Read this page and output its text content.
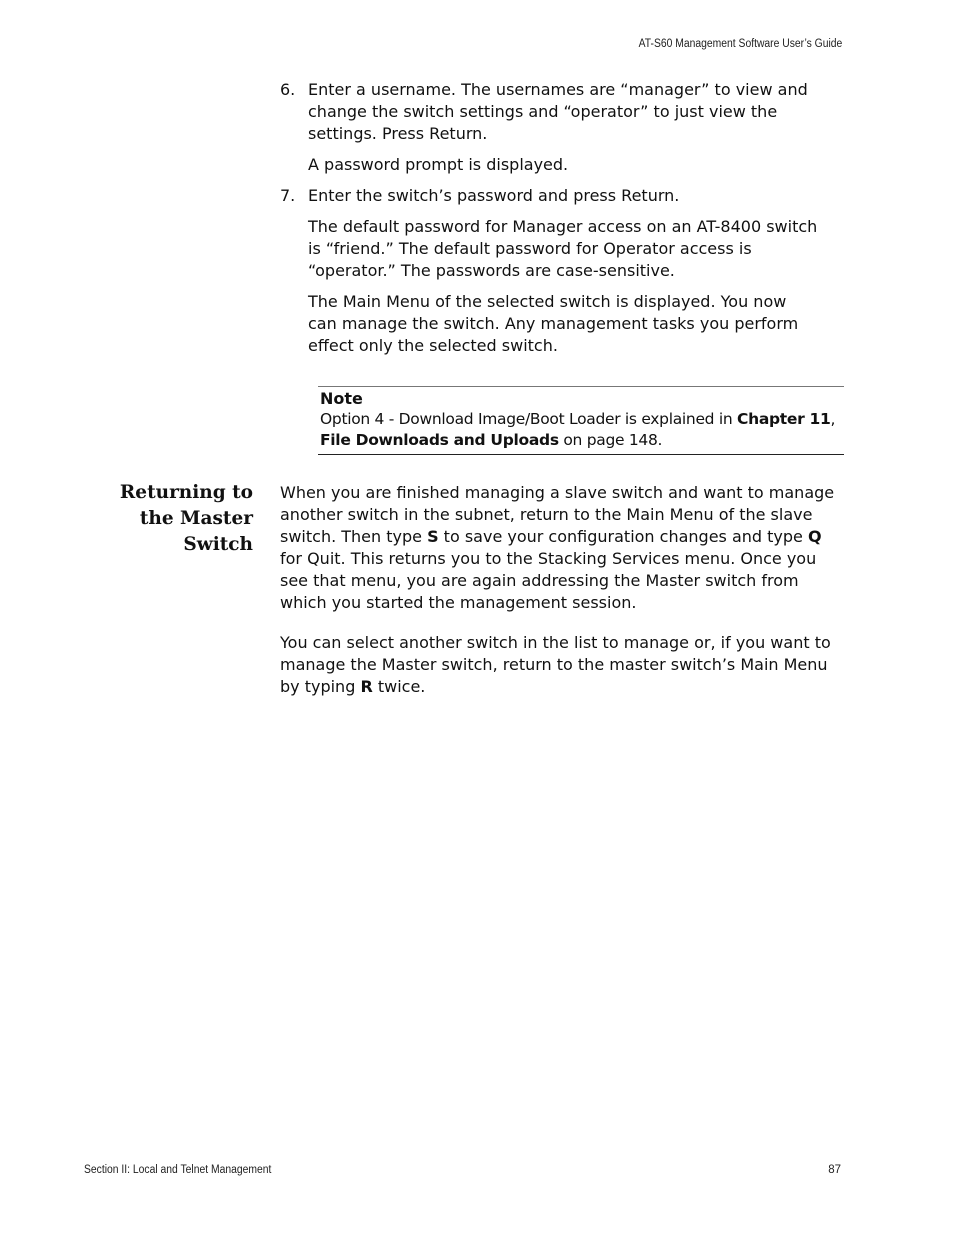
AT-S60 Management Software User’s Guide
6. Enter a username. The usernames are “manager” to view and change the switch settings and “operator” to just view the settings. Press Return.

A password prompt is displayed.

7. Enter the switch’s password and press Return.

The default password for Manager access on an AT-8400 switch is “friend.” The default password for Operator access is “operator.” The passwords are case-sensitive.

The Main Menu of the selected switch is displayed. You now can manage the switch. Any management tasks you perform effect only the selected switch.

Note
Option 4 - Download Image/Boot Loader is explained in Chapter 11,
File Downloads and Uploads on page 148.
Returning to
the Master
Switch

When you are finished managing a slave switch and want to manage another switch in the subnet, return to the Main Menu of the slave switch. Then type S to save your configuration changes and type Q for Quit. This returns you to the Stacking Services menu. Once you see that menu, you are again addressing the Master switch from which you started the management session.

You can select another switch in the list to manage or, if you want to manage the Master switch, return to the master switch’s Main Menu by typing R twice.

Section II: Local and Telnet Management	87
